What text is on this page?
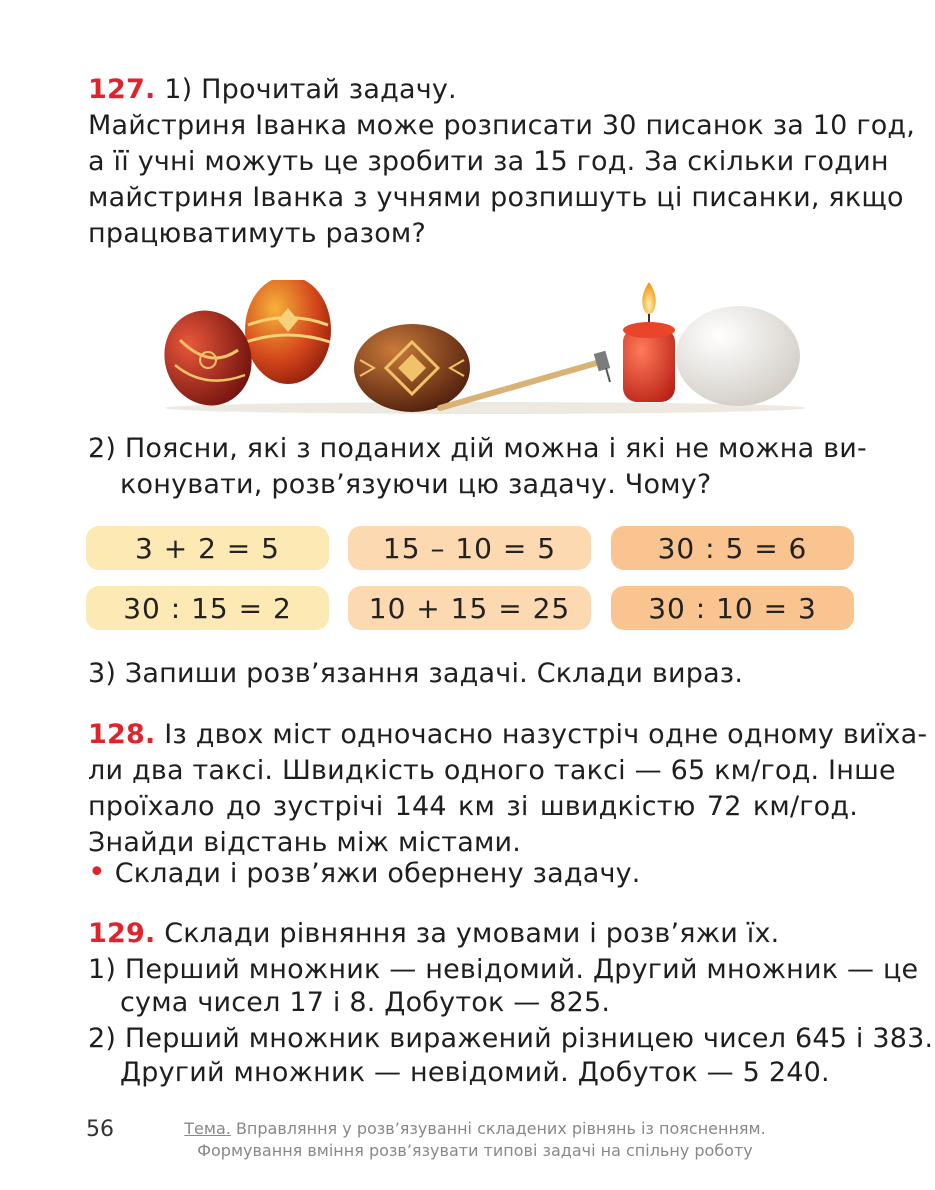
127. 1) Прочитай задачу.
Майстриня Іванка може розписати 30 писанок за 10 год,
а її учні можуть це зробити за 15 год. За скільки годин
майстриня Іванка з учнями розпишуть ці писанки, якщо
працюватимуть разом?
2) Поясни, які з поданих дій можна і які не можна ви-
конувати, розв’язуючи цю задачу. Чому?
3 + 2 = 5	15 – 10 = 5	30 : 5 = 6
30 : 15 = 2	10 + 15 = 25	30 : 10 = 3
3) Запиши розв’язання задачі. Склади вираз.
128. Із двох міст одночасно назустріч одне одному виїха-
ли два таксі. Швидкість одного таксі — 65 км/год. Інше
проїхало до зустрічі 144 км зі швидкістю 72 км/год.
Знайди відстань між містами.
• Склади і розв’яжи обернену задачу.
129. Склади рівняння за умовами і розв’яжи їх.
1) Перший множник — невідомий. Другий множник — це
сума чисел 17 і 8. Добуток — 825.
2) Перший множник виражений різницею чисел 645 і 383.
Другий множник — невідомий. Добуток — 5 240.
56	Тема. Вправляння у розв’язуванні складених рівнянь із поясненням.
Формування вміння розв’язувати типові задачі на спільну роботу
